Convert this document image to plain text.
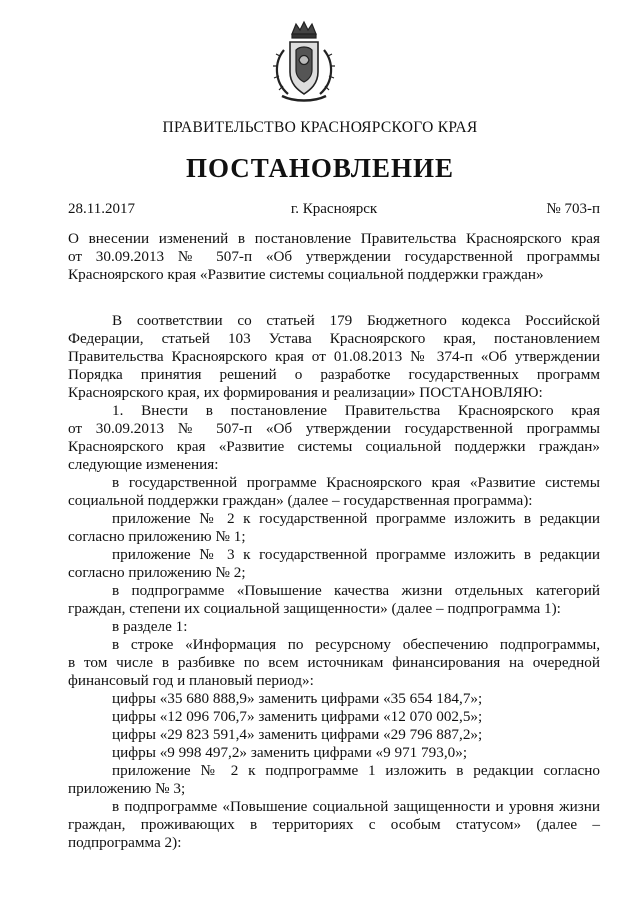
ПРАВИТЕЛЬСТВО КРАСНОЯРСКОГО КРАЯ
ПОСТАНОВЛЕНИЕ
г. Красноярск
28.11.2017	№ 703-п

О внесении изменений в постановление Правительства Красноярского края

от 30.09.2013 № 507-п «Об утверждении государственной программы

Красноярского края «Развитие системы социальной поддержки граждан»

В соответствии со статьей 179 Бюджетного кодекса Российской

Федерации, статьей 103 Устава Красноярского края, постановлением

Правительства Красноярского края от 01.08.2013 № 374-п «Об утверждении

Порядка принятия решений о разработке государственных программ

Красноярского края, их формирования и реализации» ПОСТАНОВЛЯЮ:

1. Внести в постановление Правительства Красноярского края

от 30.09.2013 № 507-п «Об утверждении государственной программы

Красноярского края «Развитие системы социальной поддержки граждан»

следующие изменения:

в государственной программе Красноярского края «Развитие системы

социальной поддержки граждан» (далее – государственная программа):

приложение № 2 к государственной программе изложить в редакции

согласно приложению № 1;

приложение № 3 к государственной программе изложить в редакции

согласно приложению № 2;

в подпрограмме «Повышение качества жизни отдельных категорий

граждан, степени их социальной защищенности» (далее – подпрограмма 1):

в разделе 1:

в строке «Информация по ресурсному обеспечению подпрограммы,

в том числе в разбивке по всем источникам финансирования на очередной

финансовый год и плановый период»:

цифры «35 680 888,9» заменить цифрами «35 654 184,7»;

цифры «12 096 706,7» заменить цифрами «12 070 002,5»;

цифры «29 823 591,4» заменить цифрами «29 796 887,2»;

цифры «9 998 497,2» заменить цифрами «9 971 793,0»;

приложение № 2 к подпрограмме 1 изложить в редакции согласно

приложению № 3;

в подпрограмме «Повышение социальной защищенности и уровня жизни

граждан, проживающих в территориях с особым статусом» (далее –

подпрограмма 2):
